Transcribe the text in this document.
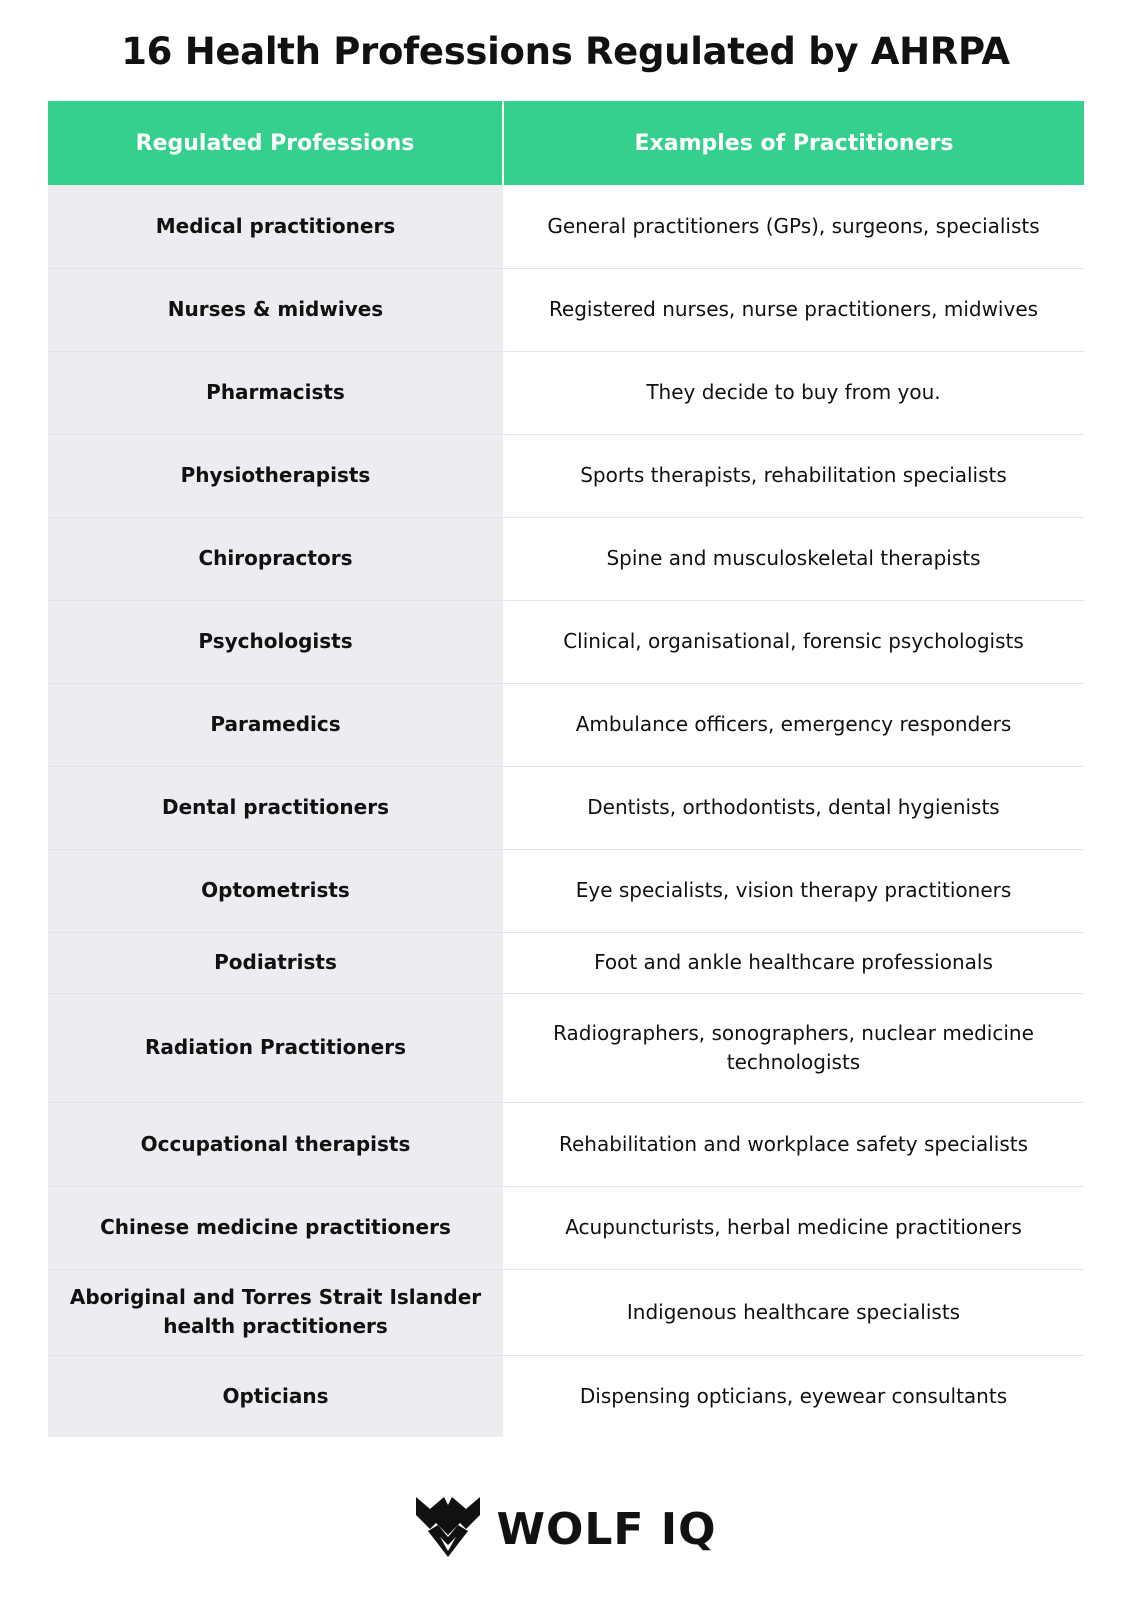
16 Health Professions Regulated by AHRPA
Regulated Professions	Examples of Practitioners
Medical practitioners	General practitioners (GPs), surgeons, specialists
Nurses & midwives	Registered nurses, nurse practitioners, midwives
Pharmacists	They decide to buy from you.
Physiotherapists	Sports therapists, rehabilitation specialists
Chiropractors	Spine and musculoskeletal therapists
Psychologists	Clinical, organisational, forensic psychologists
Paramedics	Ambulance officers, emergency responders
Dental practitioners	Dentists, orthodontists, dental hygienists
Optometrists	Eye specialists, vision therapy practitioners
Podiatrists	Foot and ankle healthcare professionals
Radiation Practitioners	Radiographers, sonographers, nuclear medicine technologists
Occupational therapists	Rehabilitation and workplace safety specialists
Chinese medicine practitioners	Acupuncturists, herbal medicine practitioners
Aboriginal and Torres Strait Islander health practitioners	Indigenous healthcare specialists
Opticians	Dispensing opticians, eyewear consultants
WOLF IQ
